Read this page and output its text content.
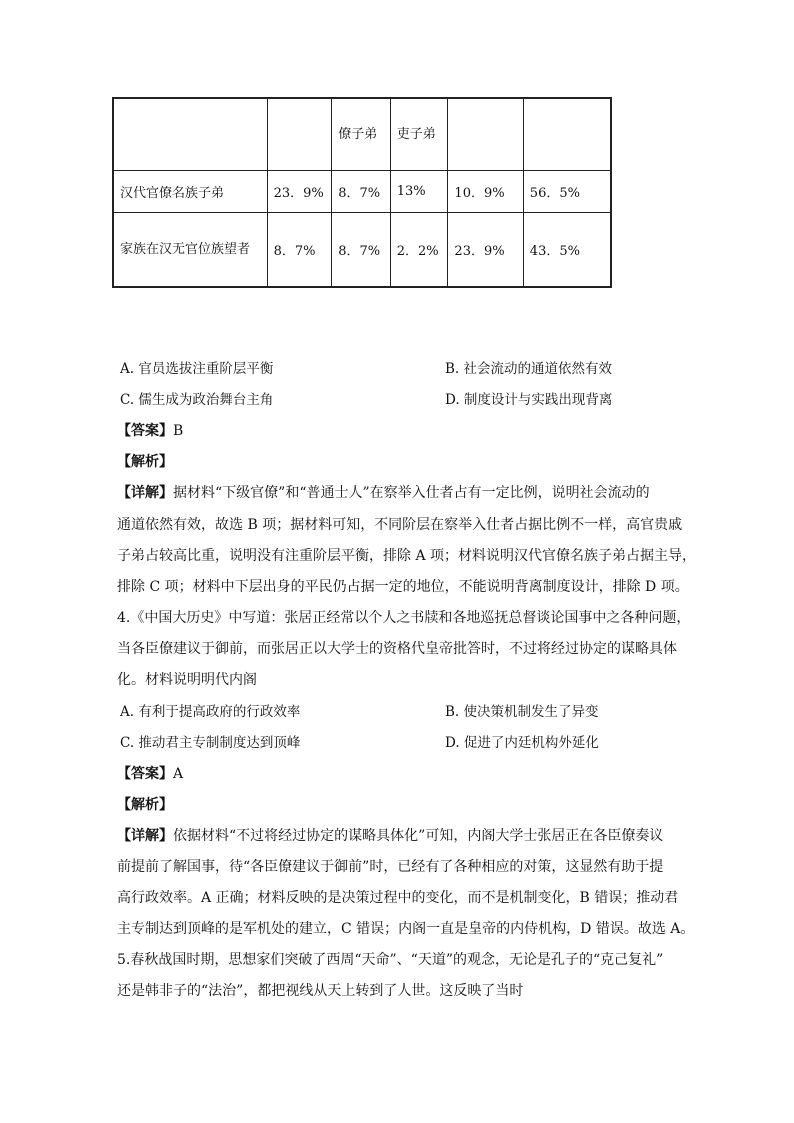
		僚子弟	吏子弟		
汉代官僚名族子弟	23．9%	8．7%	13%	10．9%	56．5%
家族在汉无官位族望者	8．7%	8．7%	2．2%	23．9%	43．5%
A. 官员选拔注重阶层平衡	B. 社会流动的通道依然有效
C. 儒生成为政治舞台主角	D. 制度设计与实践出现背离
【答案】B
【解析】
【详解】据材料“下级官僚”和“普通士人”在察举入仕者占有一定比例，说明社会流动的
通道依然有效，故选 B 项；据材料可知，不同阶层在察举入仕者占据比例不一样，高官贵戚
子弟占较高比重，说明没有注重阶层平衡，排除 A 项；材料说明汉代官僚名族子弟占据主导，
排除 C 项；材料中下层出身的平民仍占据一定的地位，不能说明背离制度设计，排除 D 项。
4.《中国大历史》中写道：张居正经常以个人之书牍和各地巡抚总督谈论国事中之各种问题，
当各臣僚建议于御前，而张居正以大学士的资格代皇帝批答时，不过将经过协定的谋略具体
化。材料说明明代内阁
A. 有利于提高政府的行政效率	B. 使决策机制发生了异变
C. 推动君主专制制度达到顶峰	D. 促进了内廷机构外延化
【答案】A
【解析】
【详解】依据材料“不过将经过协定的谋略具体化”可知，内阁大学士张居正在各臣僚奏议
前提前了解国事，待“各臣僚建议于御前”时，已经有了各种相应的对策，这显然有助于提
高行政效率。A 正确；材料反映的是决策过程中的变化，而不是机制变化，B 错误；推动君
主专制达到顶峰的是军机处的建立，C 错误；内阁一直是皇帝的内侍机构，D 错误。故选 A。
5.春秋战国时期，思想家们突破了西周“天命”、“天道”的观念，无论是孔子的“克己复礼”
还是韩非子的“法治”，都把视线从天上转到了人世。这反映了当时
